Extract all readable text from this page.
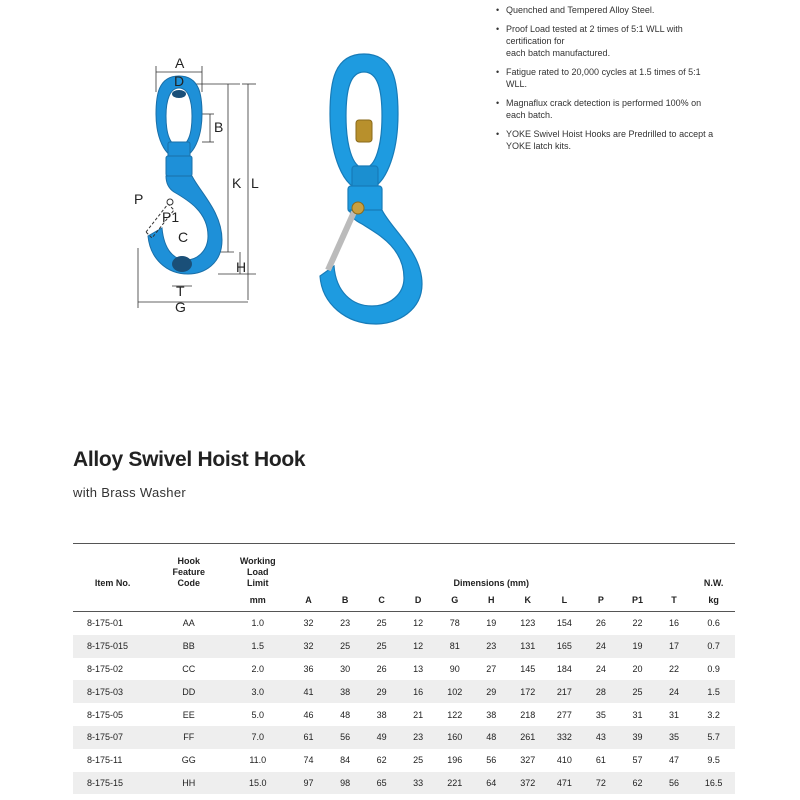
A
D
B
K L
P
P1
C
H
T
G
• Quenched and Tempered Alloy Steel.
• Proof Load tested at 2 times of 5:1 WLL with
certification for
each batch manufactured.
• Fatigue rated to 20,000 cycles at 1.5 times of 5:1
WLL.
• Magnaflux crack detection is performed 100% on
each batch.
• YOKE Swivel Hoist Hooks are Predrilled to accept a
YOKE latch kits.
Alloy Swivel Hoist Hook

with Brass Washer

Item No.	Hook
Feature
Code	Working
Load
Limit	Dimensions (mm)											N.W.
		mm	A	B	C	D	G	H	K	L	P	P1	T	kg
8-175-01	AA	1.0	32	23	25	12	78	19	123	154	26	22	16	0.6
8-175-015	BB	1.5	32	25	25	12	81	23	131	165	24	19	17	0.7
8-175-02	CC	2.0	36	30	26	13	90	27	145	184	24	20	22	0.9
8-175-03	DD	3.0	41	38	29	16	102	29	172	217	28	25	24	1.5
8-175-05	EE	5.0	46	48	38	21	122	38	218	277	35	31	31	3.2
8-175-07	FF	7.0	61	56	49	23	160	48	261	332	43	39	35	5.7
8-175-11	GG	11.0	74	84	62	25	196	56	327	410	61	57	47	9.5
8-175-15	HH	15.0	97	98	65	33	221	64	372	471	72	62	56	16.5
